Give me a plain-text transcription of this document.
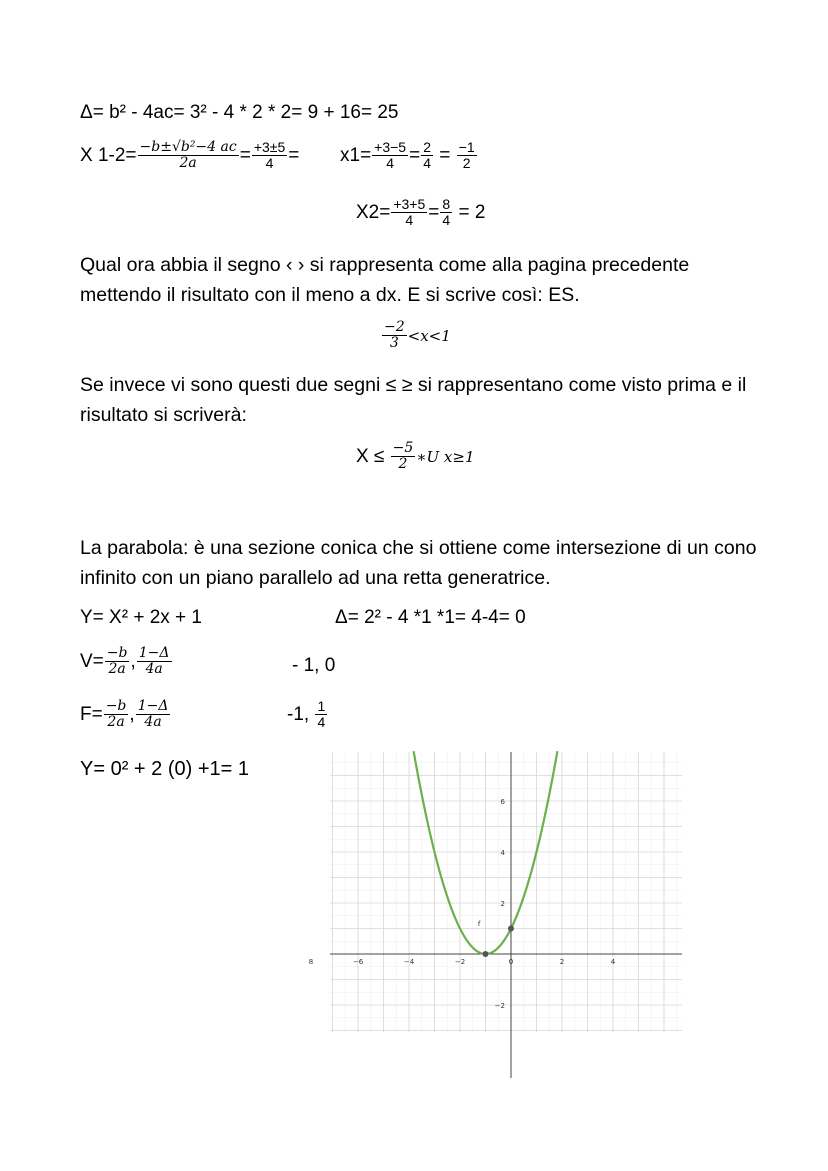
Δ= b² - 4ac= 3² - 4 * 2 * 2= 9 + 16= 25
X $1-2= \frac{\text{−b±√b²−4 ac}}{2a} = \frac{+3\pm 5}{4} = x1= \frac{+3-5}{4} = \frac{2}{4} = \frac{-1}{2}$
$X2= \frac{+3+5}{4} = \frac{8}{4} = 2$
Qual ora abbia il segno ‹ › si rappresenta come alla pagina precedente mettendo il risultato con il meno a dx. E si scrive così: ES.
$\frac{-2}{3} <x<1$
Se invece vi sono questi due segni ≤ ≥ si rappresentano come visto prima e il risultato si scriverà:
$X \le \frac{-5}{2}$ ∗U x≥1
La parabola: è una sezione conica che si ottiene come intersezione di un cono infinito con un piano parallelo ad una retta generatrice.
Y= X² + 2x + 1	Δ= 2² - 4 *1 *1= 4-4= 0
$V= \frac{-b}{2a}$ , $\frac{1-\Delta}{4a}$	- 1, 0
$F= \frac{-b}{2a}$ , $\frac{1-\Delta}{4a}$	-1, $\frac{1}{4}$
Y= 0² + 2 (0) +1= 1
8	−6	−4	−2	0	2	4
6
4
2
−2
f
